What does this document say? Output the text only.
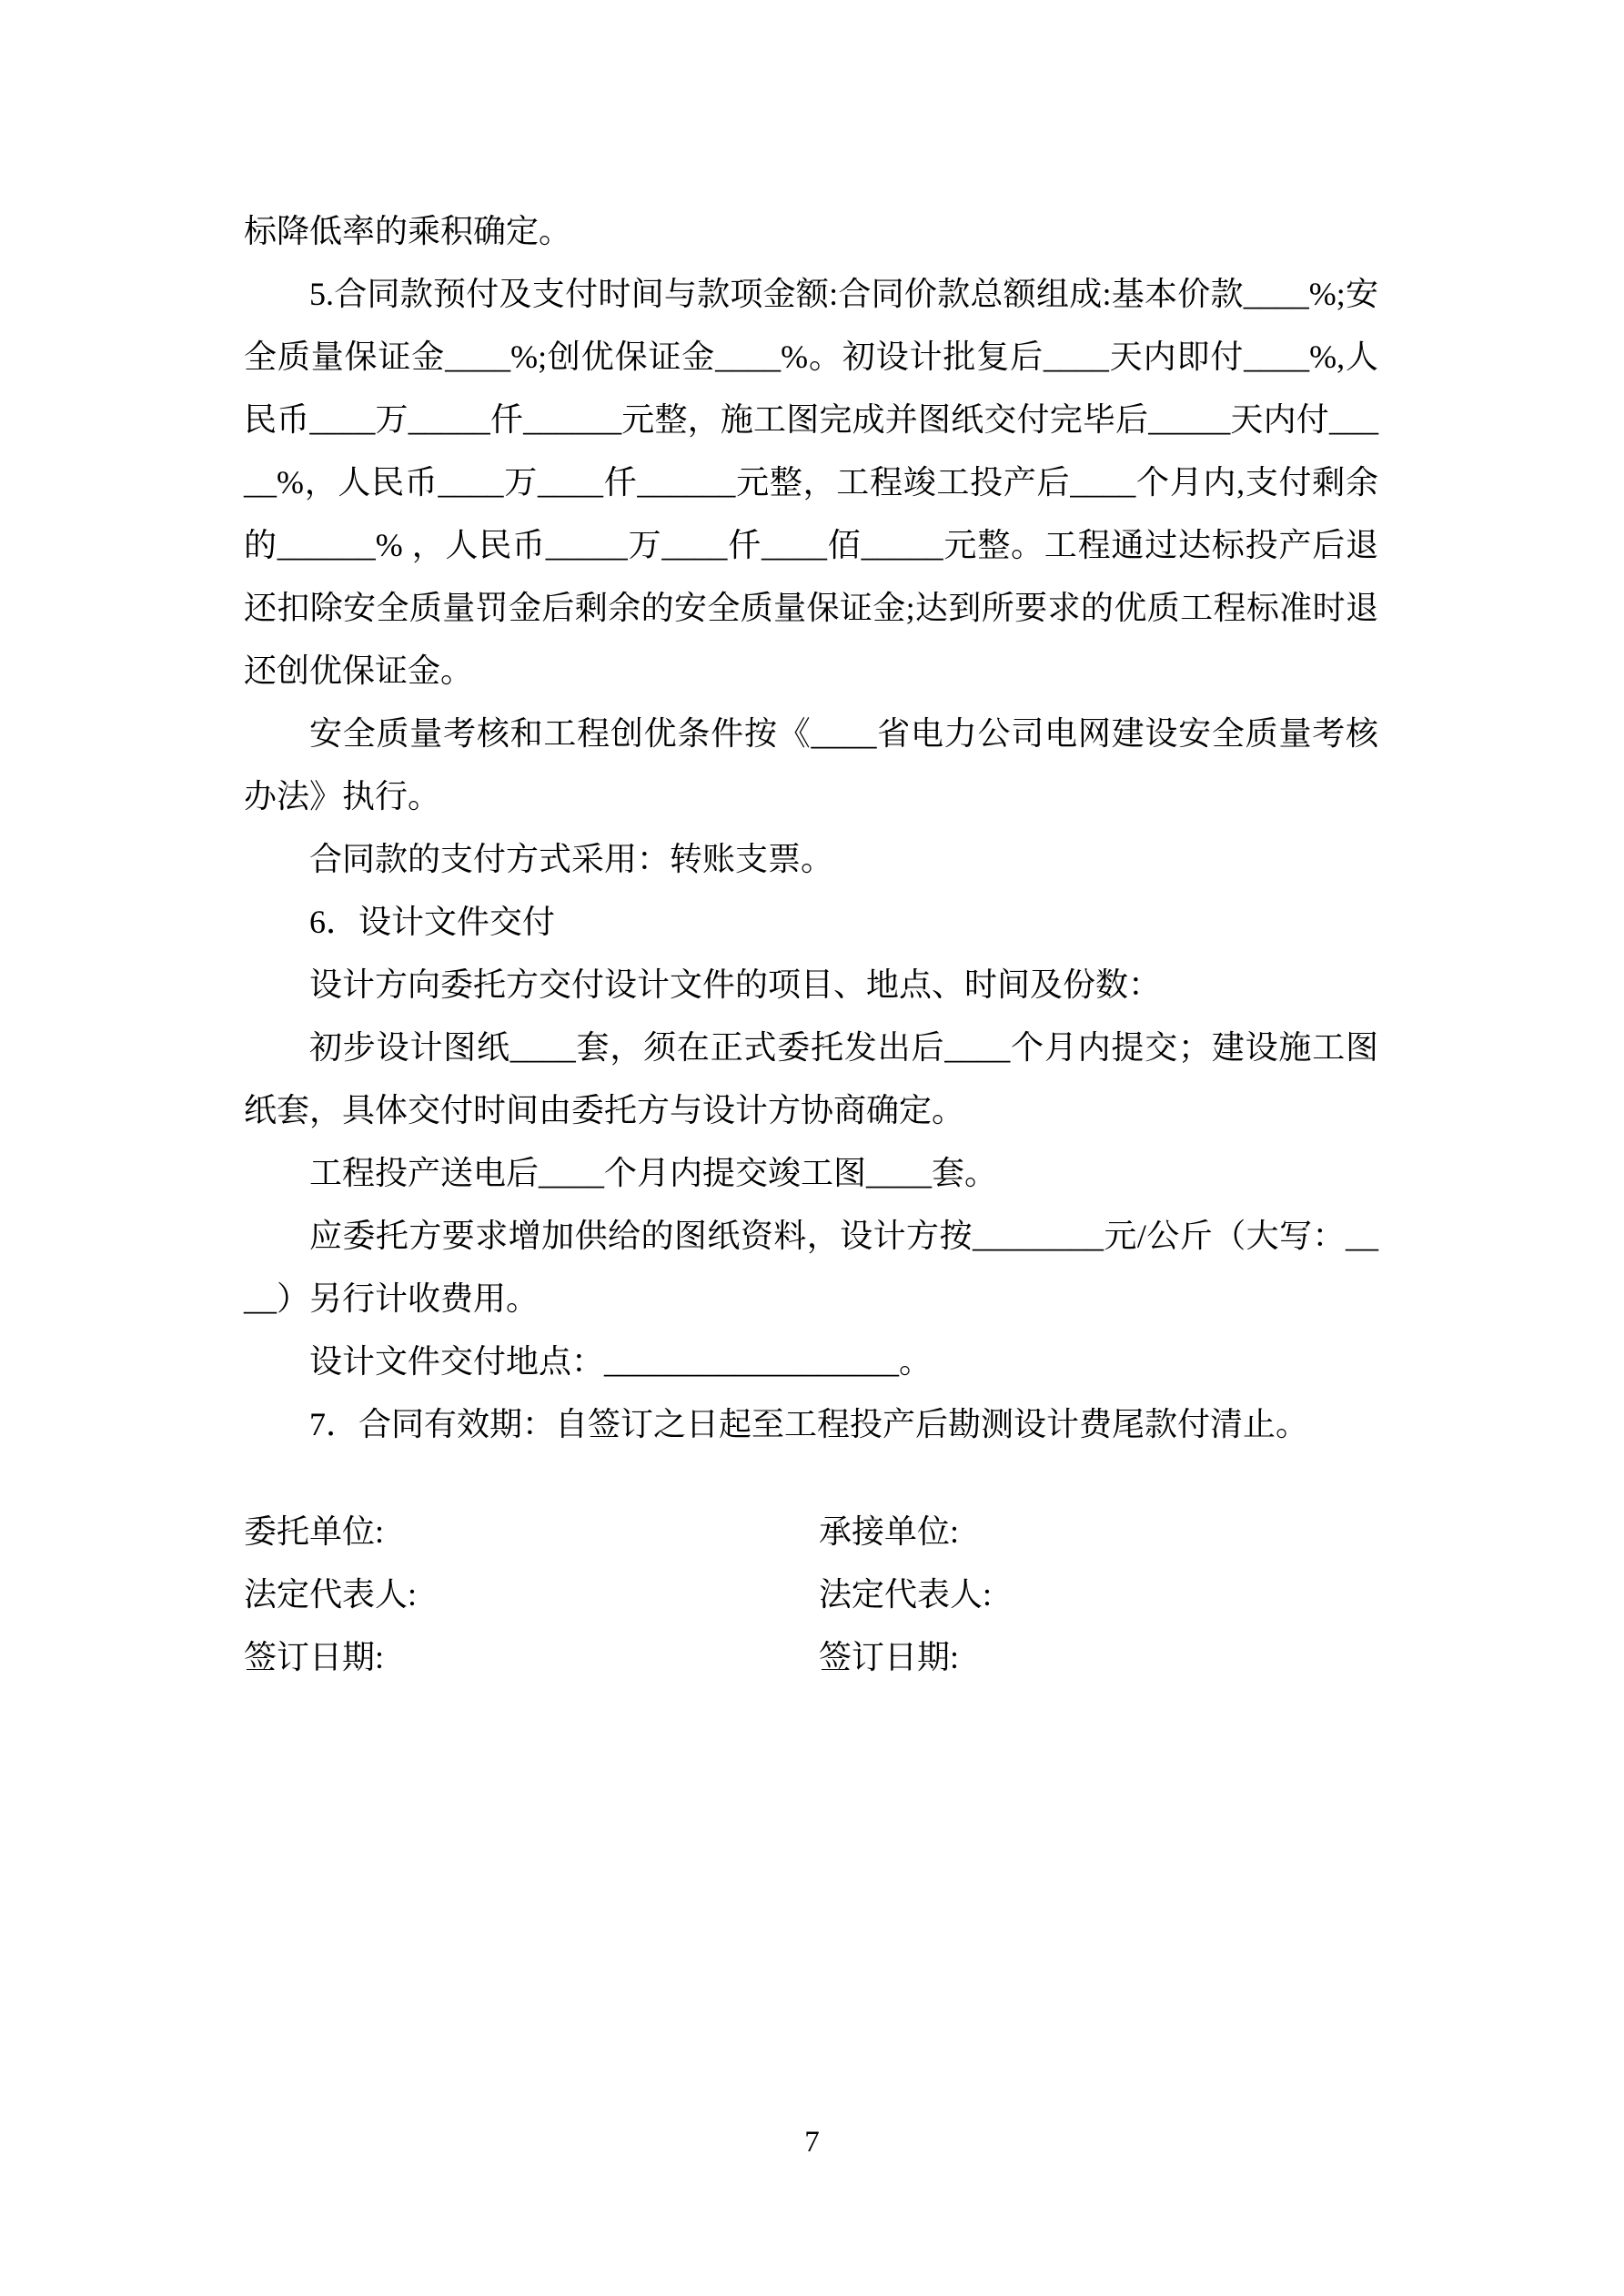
标降低率的乘积确定。

5.合同款预付及支付时间与款项金额:合同价款总额组成:基本价款____%;安全质量保证金____%;创优保证金____%。初设计批复后____天内即付____%,人民币____万_____仟______元整，施工图完成并图纸交付完毕后_____天内付_____%，人民币____万____仟______元整，工程竣工投产后____个月内,支付剩余的______% ，人民币_____万____仟____佰_____元整。工程通过达标投产后退还扣除安全质量罚金后剩余的安全质量保证金;达到所要求的优质工程标准时退还创优保证金。

安全质量考核和工程创优条件按《____省电力公司电网建设安全质量考核办法》执行。

合同款的支付方式采用：转账支票。

6．设计文件交付

设计方向委托方交付设计文件的项目、地点、时间及份数：

初步设计图纸____套，须在正式委托发出后____个月内提交；建设施工图纸套，具体交付时间由委托方与设计方协商确定。

工程投产送电后____个月内提交竣工图____套。

应委托方要求增加供给的图纸资料，设计方按________元/公斤（大写：____）另行计收费用。

设计文件交付地点：__________________。

7．合同有效期：自签订之日起至工程投产后勘测设计费尾款付清止。

委托单位:	承接单位:
法定代表人:	法定代表人:
签订日期:	签订日期:
7
